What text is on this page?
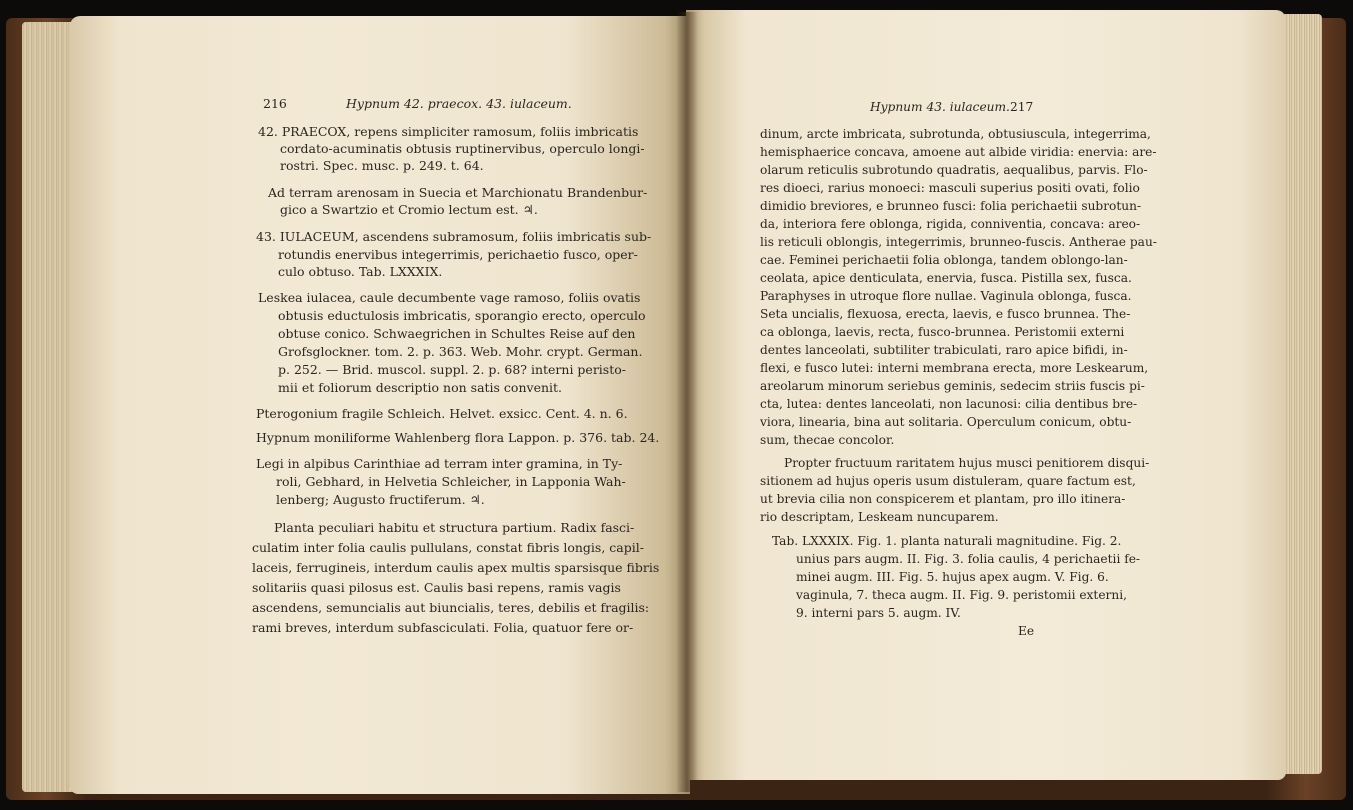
216	Hypnum 42. praecox. 43. iulaceum.
42. PRAECOX, repens simpliciter ramosum, foliis imbricatis
cordato-acuminatis obtusis ruptinervibus, operculo longi-
rostri. Spec. musc. p. 249. t. 64.
Ad terram arenosam in Suecia et Marchionatu Brandenbur-
gico a Swartzio et Cromio lectum est. ♃.
43. IULACEUM, ascendens subramosum, foliis imbricatis sub-
rotundis enervibus integerrimis, perichaetio fusco, oper-
culo obtuso. Tab. LXXXIX.
Leskea iulacea, caule decumbente vage ramoso, foliis ovatis
obtusis eductulosis imbricatis, sporangio erecto, operculo
obtuse conico. Schwaegrichen in Schultes Reise auf den
Grofsglockner. tom. 2. p. 363. Web. Mohr. crypt. German.
p. 252. — Brid. muscol. suppl. 2. p. 68? interni peristo-
mii et foliorum descriptio non satis convenit.
Pterogonium fragile Schleich. Helvet. exsicc. Cent. 4. n. 6.
Hypnum moniliforme Wahlenberg flora Lappon. p. 376. tab. 24.
Legi in alpibus Carinthiae ad terram inter gramina, in Ty-
roli, Gebhard, in Helvetia Schleicher, in Lapponia Wah-
lenberg; Augusto fructiferum. ♃.
Planta peculiari habitu et structura partium. Radix fasci-
culatim inter folia caulis pullulans, constat fibris longis, capil-
laceis, ferrugineis, interdum caulis apex multis sparsisque fibris
solitariis quasi pilosus est. Caulis basi repens, ramis vagis
ascendens, semuncialis aut biuncialis, teres, debilis et fragilis:
rami breves, interdum subfasciculati. Folia, quatuor fere or-
Hypnum 43. iulaceum. 217
dinum, arcte imbricata, subrotunda, obtusiuscula, integerrima,
hemisphaerice concava, amoene aut albide viridia: enervia: are-
olarum reticulis subrotundo quadratis, aequalibus, parvis. Flo-
res dioeci, rarius monoeci: masculi superius positi ovati, folio
dimidio breviores, e brunneo fusci: folia perichaetii subrotun-
da, interiora fere oblonga, rigida, conniventia, concava: areo-
lis reticuli oblongis, integerrimis, brunneo-fuscis. Antherae pau-
cae. Feminei perichaetii folia oblonga, tandem oblongo-lan-
ceolata, apice denticulata, enervia, fusca. Pistilla sex, fusca.
Paraphyses in utroque flore nullae. Vaginula oblonga, fusca.
Seta uncialis, flexuosa, erecta, laevis, e fusco brunnea. The-
ca oblonga, laevis, recta, fusco-brunnea. Peristomii externi
dentes lanceolati, subtiliter trabiculati, raro apice bifidi, in-
flexi, e fusco lutei: interni membrana erecta, more Leskearum,
areolarum minorum seriebus geminis, sedecim striis fuscis pi-
cta, lutea: dentes lanceolati, non lacunosi: cilia dentibus bre-
viora, linearia, bina aut solitaria. Operculum conicum, obtu-
sum, thecae concolor.
Propter fructuum raritatem hujus musci penitiorem disqui-
sitionem ad hujus operis usum distuleram, quare factum est,
ut brevia cilia non conspicerem et plantam, pro illo itinera-
rio descriptam, Leskeam nuncuparem.
Tab. LXXXIX. Fig. 1. planta naturali magnitudine. Fig. 2.
unius pars augm. II. Fig. 3. folia caulis, 4 perichaetii fe-
minei augm. III. Fig. 5. hujus apex augm. V. Fig. 6.
vaginula, 7. theca augm. II. Fig. 9. peristomii externi,
9. interni pars 5. augm. IV.
Ee
